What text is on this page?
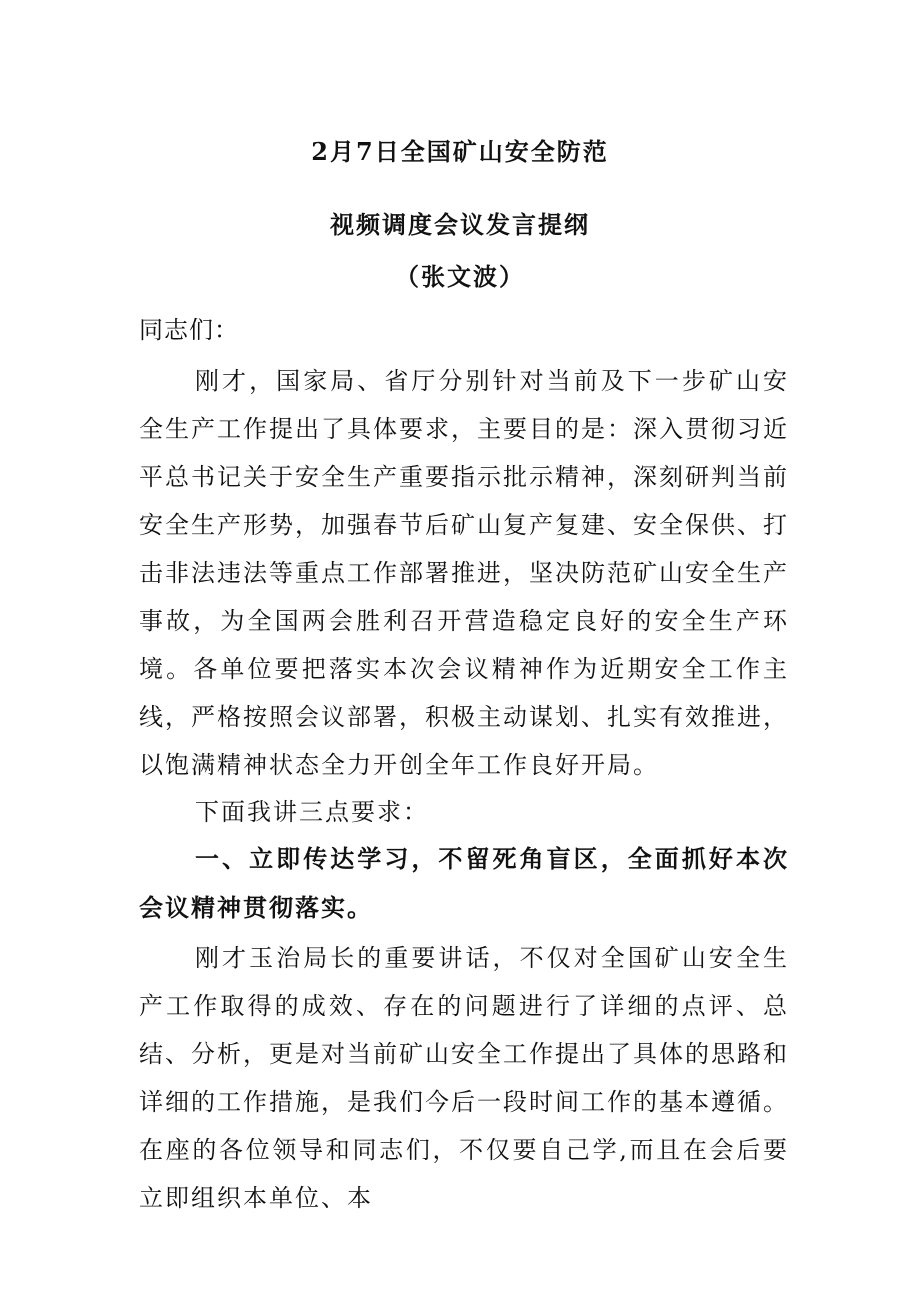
2月7日全国矿山安全防范
视频调度会议发言提纲
（张文波）
同志们：
刚才，国家局、省厅分别针对当前及下一步矿山安全生产工作提出了具体要求，主要目的是：深入贯彻习近平总书记关于安全生产重要指示批示精神，深刻研判当前安全生产形势，加强春节后矿山复产复建、安全保供、打击非法违法等重点工作部署推进，坚决防范矿山安全生产事故，为全国两会胜利召开营造稳定良好的安全生产环境。各单位要把落实本次会议精神作为近期安全工作主线，严格按照会议部署，积极主动谋划、扎实有效推进，以饱满精神状态全力开创全年工作良好开局。
下面我讲三点要求：
一、立即传达学习，不留死角盲区，全面抓好本次会议精神贯彻落实。
刚才玉治局长的重要讲话，不仅对全国矿山安全生产工作取得的成效、存在的问题进行了详细的点评、总结、分析，更是对当前矿山安全工作提出了具体的思路和详细的工作措施，是我们今后一段时间工作的基本遵循。在座的各位领导和同志们，不仅要自己学,而且在会后要立即组织本单位、本
